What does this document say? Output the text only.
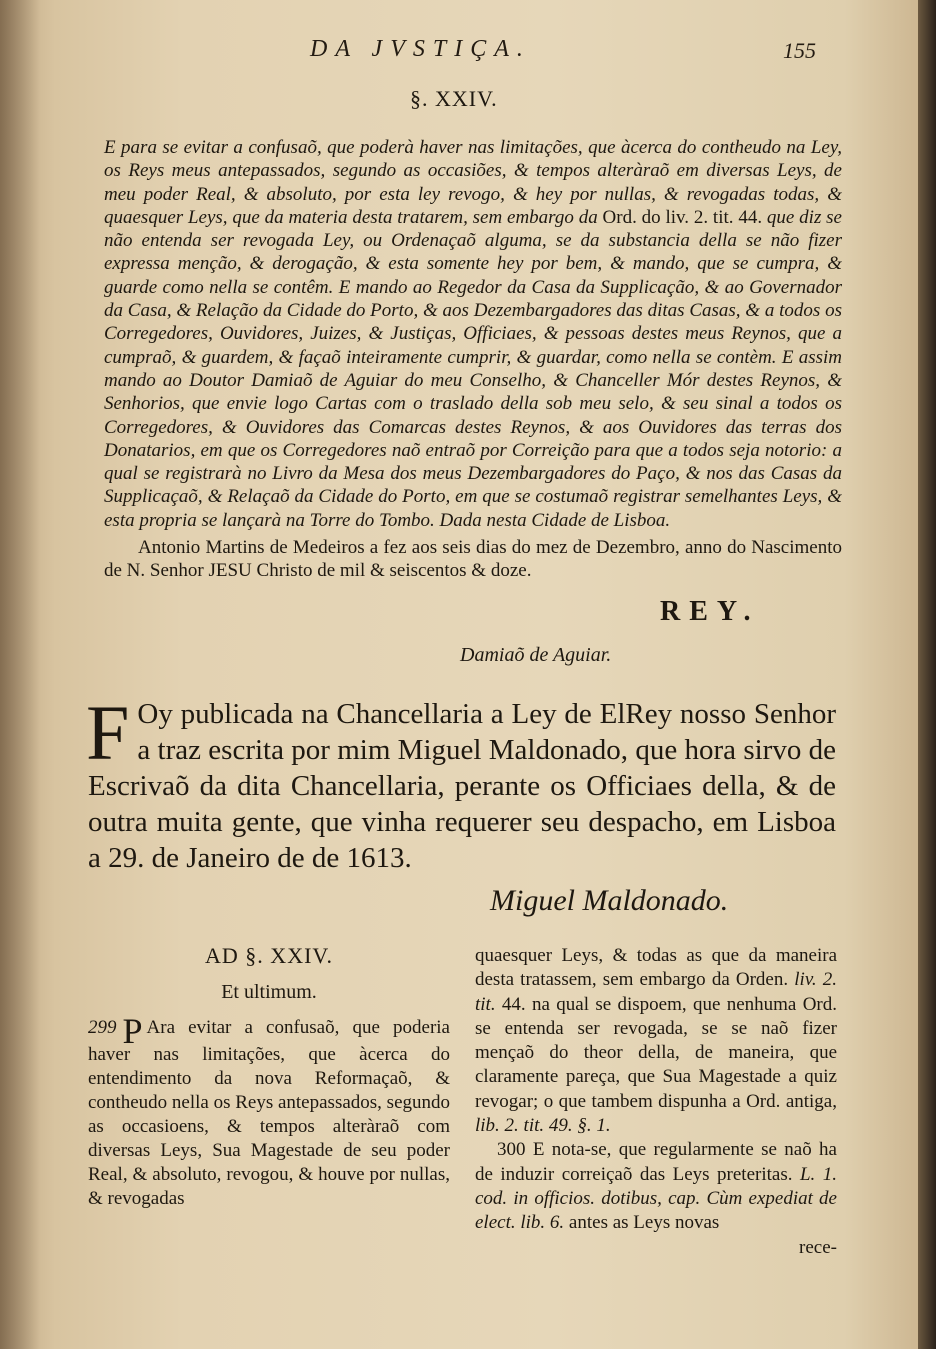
DA JVSTIÇA.	155
§. XXIV.

E para se evitar a confusaõ, que poderà haver nas limitações, que àcerca do contheudo na Ley, os Reys meus antepassados, segundo as occasiões, & tempos alteràraõ em diversas Leys, de meu poder Real, & absoluto, por esta ley revogo, & hey por nullas, & revogadas todas, & quaesquer Leys, que da materia desta tratarem, sem embargo da Ord. do liv. 2. tit. 44. que diz se não entenda ser revogada Ley, ou Ordenaçaõ alguma, se da substancia della se não fizer expressa menção, & derogação, & esta somente hey por bem, & mando, que se cumpra, & guarde como nella se contêm. E mando ao Regedor da Casa da Supplicação, & ao Governador da Casa, & Relação da Cidade do Porto, & aos Dezembargadores das ditas Casas, & a todos os Corregedores, Ouvidores, Juizes, & Justiças, Officiaes, & pessoas destes meus Reynos, que a cumpraõ, & guardem, & façaõ inteiramente cumprir, & guardar, como nella se contèm. E assim mando ao Doutor Damiaõ de Aguiar do meu Conselho, & Chanceller Mór destes Reynos, & Senhorios, que envie logo Cartas com o traslado della sob meu selo, & seu sinal a todos os Corregedores, & Ouvidores das Comarcas destes Reynos, & aos Ouvidores das terras dos Donatarios, em que os Corregedores naõ entraõ por Correição para que a todos seja notorio: a qual se registrarà no Livro da Mesa dos meus Dezembargadores do Paço, & nos das Casas da Supplicaçaõ, & Relaçaõ da Cidade do Porto, em que se costumaõ registrar semelhantes Leys, & esta propria se lançarà na Torre do Tombo. Dada nesta Cidade de Lisboa.

Antonio Martins de Medeiros a fez aos seis dias do mez de Dezembro, anno do Nascimento de N. Senhor JESU Christo de mil & seiscentos & doze.

REY.
Damiaõ de Aguiar.
F Oy publicada na Chancellaria a Ley de ElRey nosso Senhor a traz escrita por mim Miguel Maldonado, que hora sirvo de Escrivaõ da dita Chancellaria, perante os Officiaes della, & de outra muita gente, que vinha requerer seu despacho, em Lisboa a 29. de Janeiro de de 1613.

Miguel Maldonado.
AD §. XXIV.
Et ultimum.

299 P Ara evitar a confusaõ, que poderia haver nas limitações, que àcerca do entendimento da nova Reformaçaõ, & contheudo nella os Reys antepassados, segundo as occasioens, & tempos alteràraõ com diversas Leys, Sua Magestade de seu poder Real, & absoluto, revogou, & houve por nullas, & revogadas

quaesquer Leys, & todas as que da maneira desta tratassem, sem embargo da Orden. liv. 2. tit. 44. na qual se dispoem, que nenhuma Ord. se entenda ser revogada, se se naõ fizer mençaõ do theor della, de maneira, que claramente pareça, que Sua Magestade a quiz revogar; o que tambem dispunha a Ord. antiga, lib. 2. tit. 49. §. 1.

300 E nota-se, que regularmente se naõ ha de induzir correiçaõ das Leys preteritas. L. 1. cod. in officios. dotibus, cap. Cùm expediat de elect. lib. 6. antes as Leys novas

rece-
